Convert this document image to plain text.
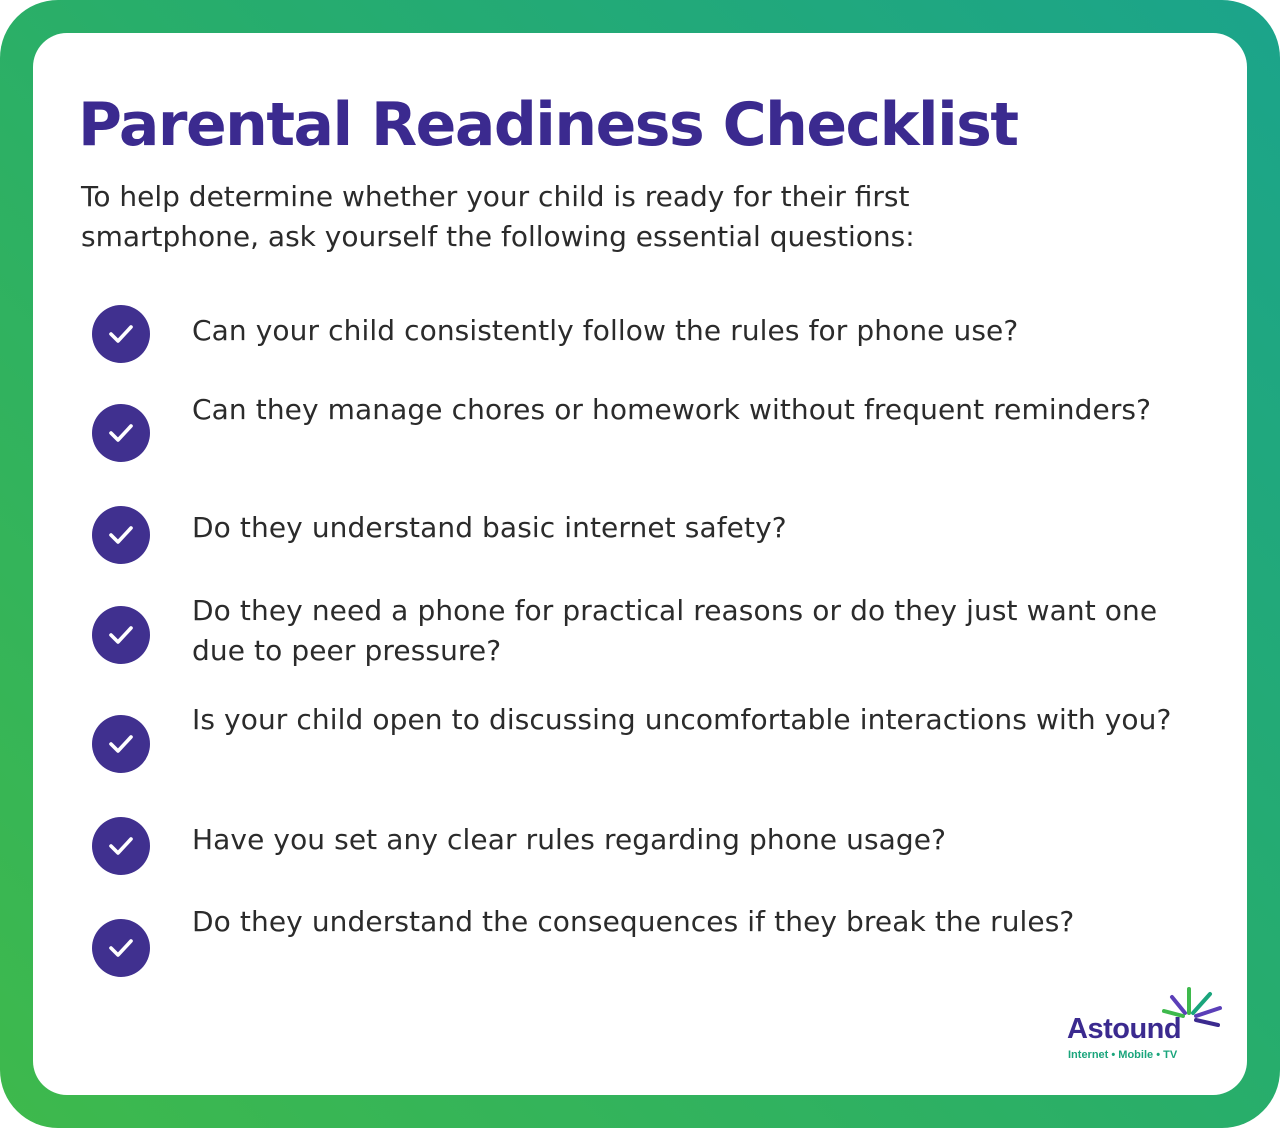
Parental Readiness Checklist

To help determine whether your child is ready for their first smartphone, ask yourself the following essential questions:

Can your child consistently follow the rules for phone use?
Can they manage chores or homework without frequent reminders?
Do they understand basic internet safety?
Do they need a phone for practical reasons or do they just want one due to peer pressure?
Is your child open to discussing uncomfortable interactions with you?
Have you set any clear rules regarding phone usage?
Do they understand the consequences if they break the rules?
Astound
Internet • Mobile • TV
